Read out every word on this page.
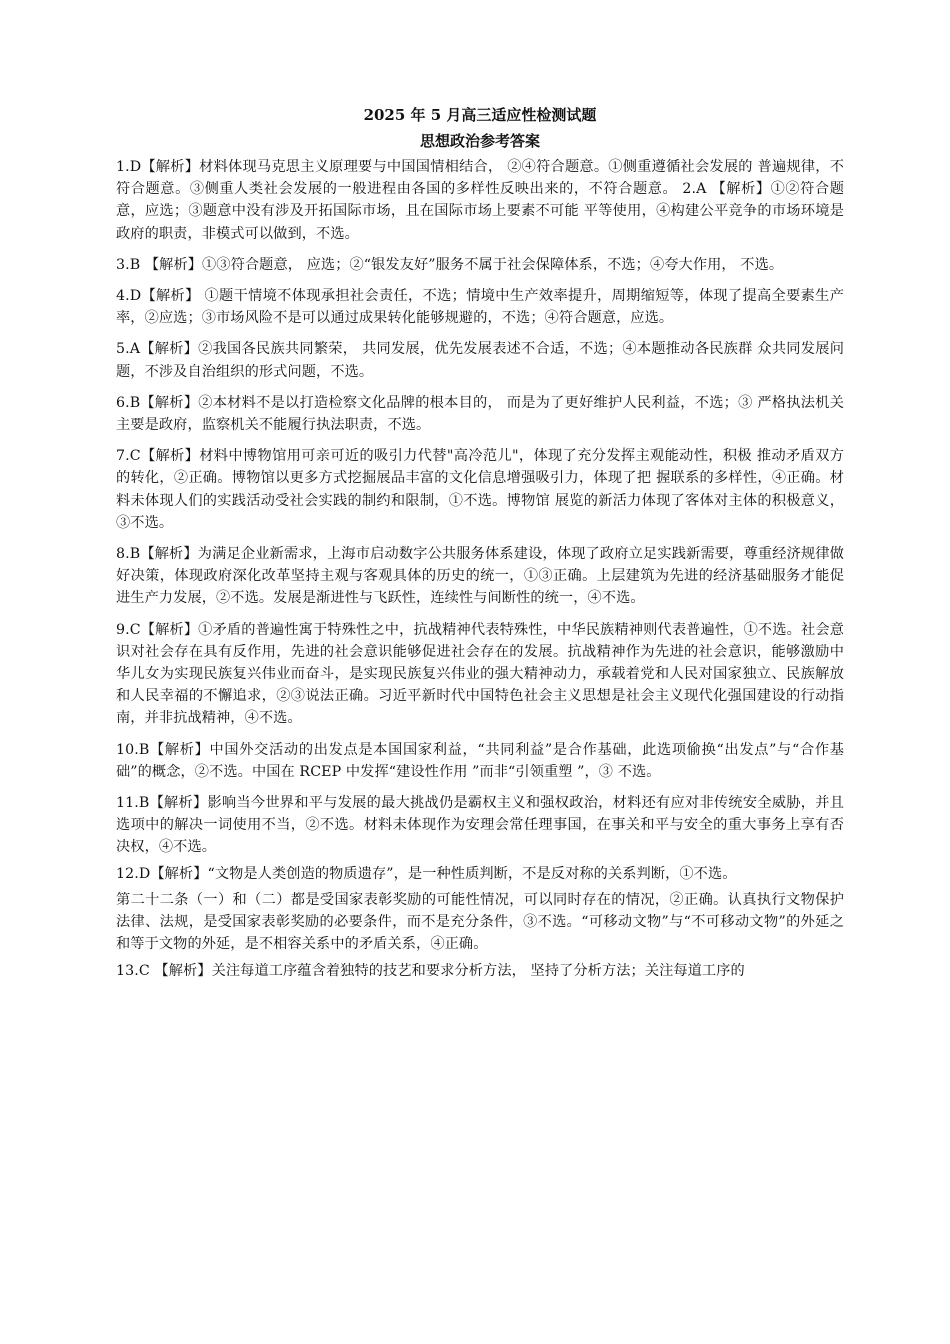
2025 年 5 月高三适应性检测试题
思想政治参考答案

1.D【解析】材料体现马克思主义原理要与中国国情相结合， ②④符合题意。①侧重遵循社会发展的 普遍规律，不符合题意。③侧重人类社会发展的一般进程由各国的多样性反映出来的，不符合题意。 2.A 【解析】①②符合题意，应选；③题意中没有涉及开拓国际市场，且在国际市场上要素不可能 平等使用，④构建公平竞争的市场环境是政府的职责，非模式可以做到，不选。

3.B 【解析】①③符合题意， 应选；②“银发友好”服务不属于社会保障体系，不选；④夸大作用， 不选。

4.D【解析】 ①题干情境不体现承担社会责任，不选；情境中生产效率提升，周期缩短等，体现了提高全要素生产率，②应选；③市场风险不是可以通过成果转化能够规避的，不选；④符合题意，应选。

5.A【解析】②我国各民族共同繁荣， 共同发展，优先发展表述不合适，不选；④本题推动各民族群 众共同发展问题，不涉及自治组织的形式问题，不选。

6.B【解析】②本材料不是以打造检察文化品牌的根本目的， 而是为了更好维护人民利益，不选；③ 严格执法机关主要是政府，监察机关不能履行执法职责，不选。

7.C【解析】材料中博物馆用可亲可近的吸引力代替"高冷范儿"，体现了充分发挥主观能动性，积极 推动矛盾双方的转化，②正确。博物馆以更多方式挖掘展品丰富的文化信息增强吸引力，体现了把 握联系的多样性，④正确。材料未体现人们的实践活动受社会实践的制约和限制，①不选。博物馆 展览的新活力体现了客体对主体的积极意义，③不选。

8.B【解析】为满足企业新需求，上海市启动数字公共服务体系建设，体现了政府立足实践新需要，尊重经济规律做好决策，体现政府深化改革坚持主观与客观具体的历史的统一，①③正确。上层建筑为先进的经济基础服务才能促进生产力发展，②不选。发展是渐进性与飞跃性，连续性与间断性的统一，④不选。

9.C【解析】①矛盾的普遍性寓于特殊性之中，抗战精神代表特殊性，中华民族精神则代表普遍性，①不选。社会意识对社会存在具有反作用，先进的社会意识能够促进社会存在的发展。抗战精神作为先进的社会意识，能够激励中华儿女为实现民族复兴伟业而奋斗，是实现民族复兴伟业的强大精神动力，承载着党和人民对国家独立、民族解放和人民幸福的不懈追求，②③说法正确。习近平新时代中国特色社会主义思想是社会主义现代化强国建设的行动指南，并非抗战精神，④不选。

10.B【解析】中国外交活动的出发点是本国国家利益，“共同利益”是合作基础，此选项偷换“出发点”与“合作基础”的概念，②不选。中国在 RCEP 中发挥“建设性作用 ”而非“引领重塑 ”，③ 不选。

11.B【解析】影响当今世界和平与发展的最大挑战仍是霸权主义和强权政治，材料还有应对非传统安全威胁，并且选项中的解决一词使用不当，②不选。材料未体现作为安理会常任理事国，在事关和平与安全的重大事务上享有否决权，④不选。

12.D【解析】“文物是人类创造的物质遗存”，是一种性质判断，不是反对称的关系判断，①不选。

第二十二条（一）和（二）都是受国家表彰奖励的可能性情况，可以同时存在的情况，②正确。认真执行文物保护法律、法规，是受国家表彰奖励的必要条件，而不是充分条件，③不选。“可移动文物”与“不可移动文物”的外延之和等于文物的外延，是不相容关系中的矛盾关系，④正确。

13.C 【解析】关注每道工序蕴含着独特的技艺和要求分析方法， 坚持了分析方法；关注每道工序的
